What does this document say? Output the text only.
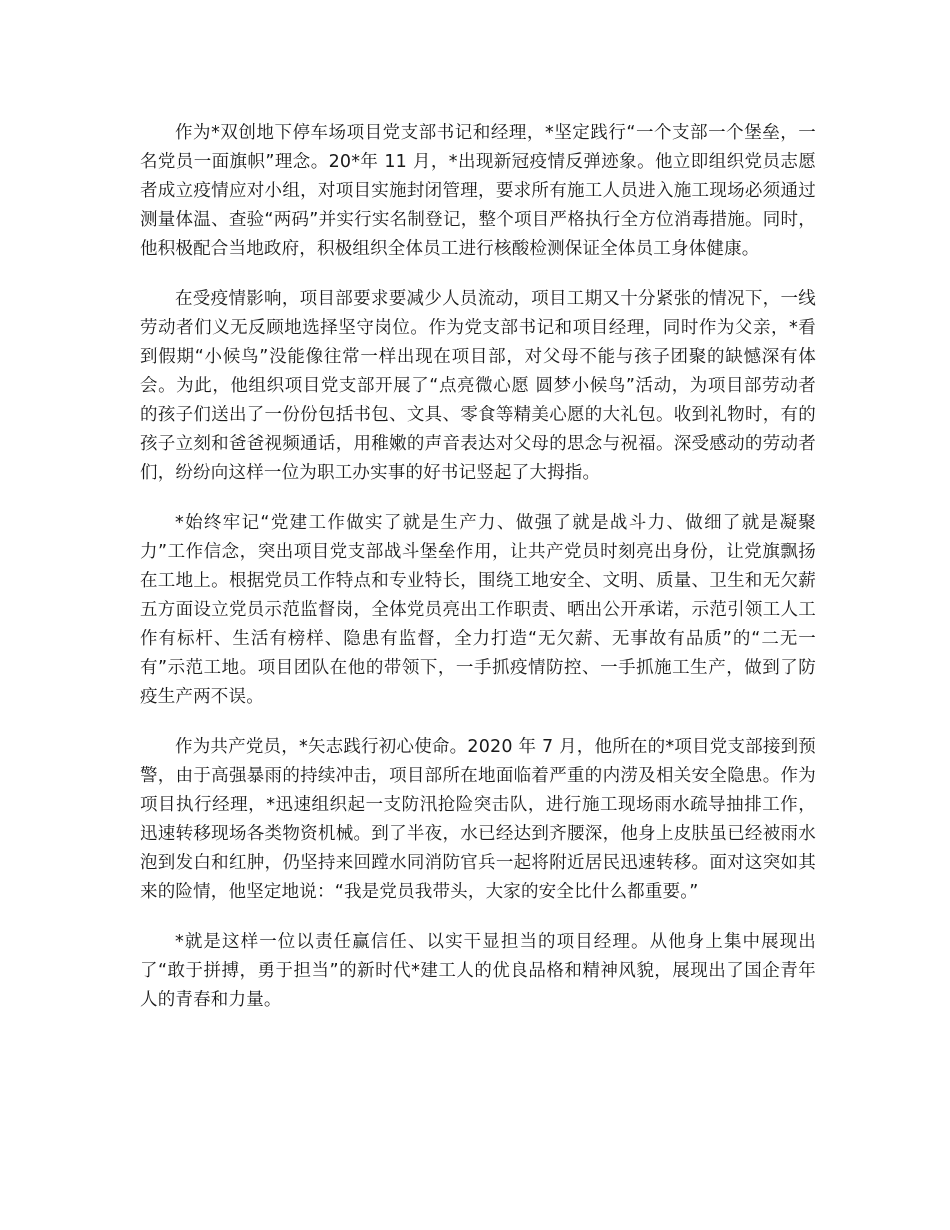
作为*双创地下停车场项目党支部书记和经理，*坚定践行“一个支部一个堡垒，一名党员一面旗帜”理念。20*年 11 月，*出现新冠疫情反弹迹象。他立即组织党员志愿者成立疫情应对小组，对项目实施封闭管理，要求所有施工人员进入施工现场必须通过测量体温、查验“两码”并实行实名制登记，整个项目严格执行全方位消毒措施。同时，他积极配合当地政府，积极组织全体员工进行核酸检测保证全体员工身体健康。

在受疫情影响，项目部要求要减少人员流动，项目工期又十分紧张的情况下，一线劳动者们义无反顾地选择坚守岗位。作为党支部书记和项目经理，同时作为父亲，*看到假期“小候鸟”没能像往常一样出现在项目部，对父母不能与孩子团聚的缺憾深有体会。为此，他组织项目党支部开展了“点亮微心愿 圆梦小候鸟”活动，为项目部劳动者的孩子们送出了一份份包括书包、文具、零食等精美心愿的大礼包。收到礼物时，有的孩子立刻和爸爸视频通话，用稚嫩的声音表达对父母的思念与祝福。深受感动的劳动者们，纷纷向这样一位为职工办实事的好书记竖起了大拇指。

*始终牢记“党建工作做实了就是生产力、做强了就是战斗力、做细了就是凝聚力”工作信念，突出项目党支部战斗堡垒作用，让共产党员时刻亮出身份，让党旗飘扬在工地上。根据党员工作特点和专业特长，围绕工地安全、文明、质量、卫生和无欠薪五方面设立党员示范监督岗，全体党员亮出工作职责、晒出公开承诺，示范引领工人工作有标杆、生活有榜样、隐患有监督，全力打造“无欠薪、无事故有品质”的“二无一有”示范工地。项目团队在他的带领下，一手抓疫情防控、一手抓施工生产，做到了防疫生产两不误。

作为共产党员，*矢志践行初心使命。2020 年 7 月，他所在的*项目党支部接到预警，由于高强暴雨的持续冲击，项目部所在地面临着严重的内涝及相关安全隐患。作为项目执行经理，*迅速组织起一支防汛抢险突击队，进行施工现场雨水疏导抽排工作，迅速转移现场各类物资机械。到了半夜，水已经达到齐腰深，他身上皮肤虽已经被雨水泡到发白和红肿，仍坚持来回蹚水同消防官兵一起将附近居民迅速转移。面对这突如其来的险情，他坚定地说：“我是党员我带头，大家的安全比什么都重要。”

*就是这样一位以责任赢信任、以实干显担当的项目经理。从他身上集中展现出了“敢于拼搏，勇于担当”的新时代*建工人的优良品格和精神风貌，展现出了国企青年人的青春和力量。
